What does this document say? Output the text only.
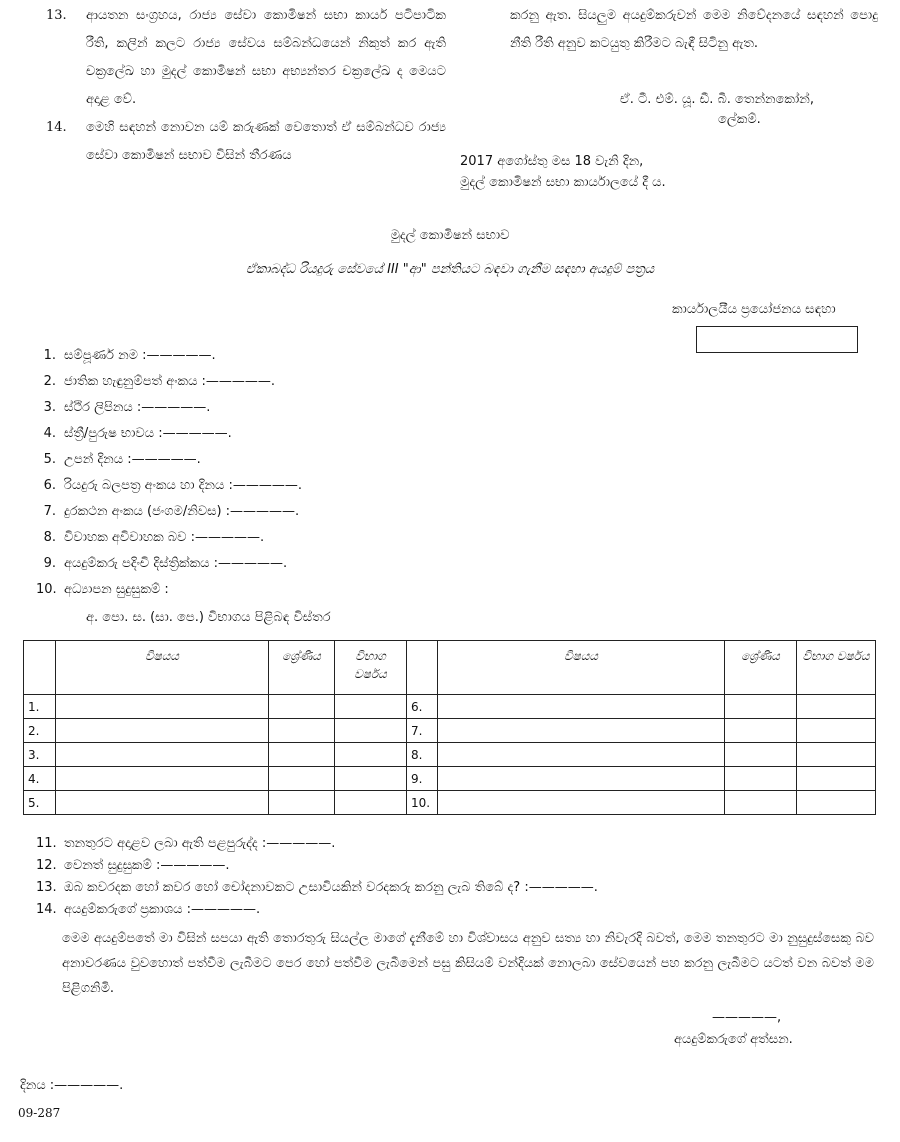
13. ආයතන සංග්‍රහය, රාජ්‍ය සේවා කොමිෂන් සභා කාර්ය පටිපාටික රීති, කලින් කලට රාජ්‍ය සේවය සම්බන්ධයෙන් නිකුත් කර ඇති චක්‍රලේඛ හා මුදල් කොමිෂන් සභා අභ්‍යන්තර චක්‍රලේඛ ද මෙයට අදාළ වේ.
14. මෙහි සඳහන් නොවන යම් කරුණක් වෙතොත් ඒ සම්බන්ධව රාජ්‍ය සේවා කොමිෂන් සභාව විසින් තීරණය
කරනු ඇත. සියලුම අයදුම්කරුවන් මෙම නිවේදනයේ සඳහන් පොදු නීති රීති අනුව කටයුතු කිරීමට බැඳී සිටිනු ඇත.
ඒ. ටී. එම්. යූ. ඩී. බී. තෙන්නකෝන්,
ලේකම්.
2017 අගෝස්තු මස 18 වැනි දින,
මුදල් කොමිෂන් සභා කාර්යාලයේ දී ය.
මුදල් කොමිෂන් සභාව
ඒකාබද්ධ රියදුරු සේවයේ III "ආ" පන්තියට බඳවා ගැනීම සඳහා අයදුම් පත්‍රය
කාර්යාලයීය ප්‍රයෝජනය සඳහා
1. සම්පූර්ණ නම :—————.
2. ජාතික හැඳුනුම්පත් අංකය :—————.
3. ස්ථිර ලිපිනය :—————.
4. ස්ත්‍රී/පුරුෂ භාවය :—————.
5. උපන් දිනය :—————.
6. රියදුරු බලපත්‍ර අංකය හා දිනය :—————.
7. දුරකථන අංකය (ජංගම/නිවස) :—————.
8. විවාහක අවිවාහක බව :—————.
9. අයදුම්කරු පදිංචි දිස්ත්‍රික්කය :—————.
10. අධ්‍යාපන සුදුසුකම් :
අ. පො. ස. (සා. පෙ.) විභාගය පිළිබඳ විස්තර
	විෂයය	ශ්‍රේණිය	විභාග වර්ෂය		විෂයය	ශ්‍රේණිය	විභාග වර්ෂය
1.				6.			
2.				7.			
3.				8.			
4.				9.			
5.				10.			
11. තනතුරට අදාළව ලබා ඇති පළපුරුද්ද :—————.
12. වෙනත් සුදුසුකම් :—————.
13. ඔබ කවරදක හෝ කවර හෝ චෝදනාවකට උසාවියකින් වරදකරු කරනු ලැබ තිබේ ද? :—————.
14. අයදුම්කරුගේ ප්‍රකාශය :—————.
මෙම අයදුම්පතේ මා විසින් සපයා ඇති තොරතුරු සියල්ල මාගේ දැනීමේ හා විශ්වාසය අනුව සත්‍ය හා නිවැරදි බවත්, මෙම තනතුරට මා නුසුදුස්සෙකු බව අනාවරණය වුවහොත් පත්වීම ලැබීමට පෙර හෝ පත්වීම ලැබීමෙන් පසු කිසියම් වන්දියක් නොලබා සේවයෙන් පහ කරනු ලැබීමට යටත් වන බවත් මම පිළිගනිමි.
—————,
අයදුම්කරුගේ අත්සන.
දිනය :—————.
09-287
